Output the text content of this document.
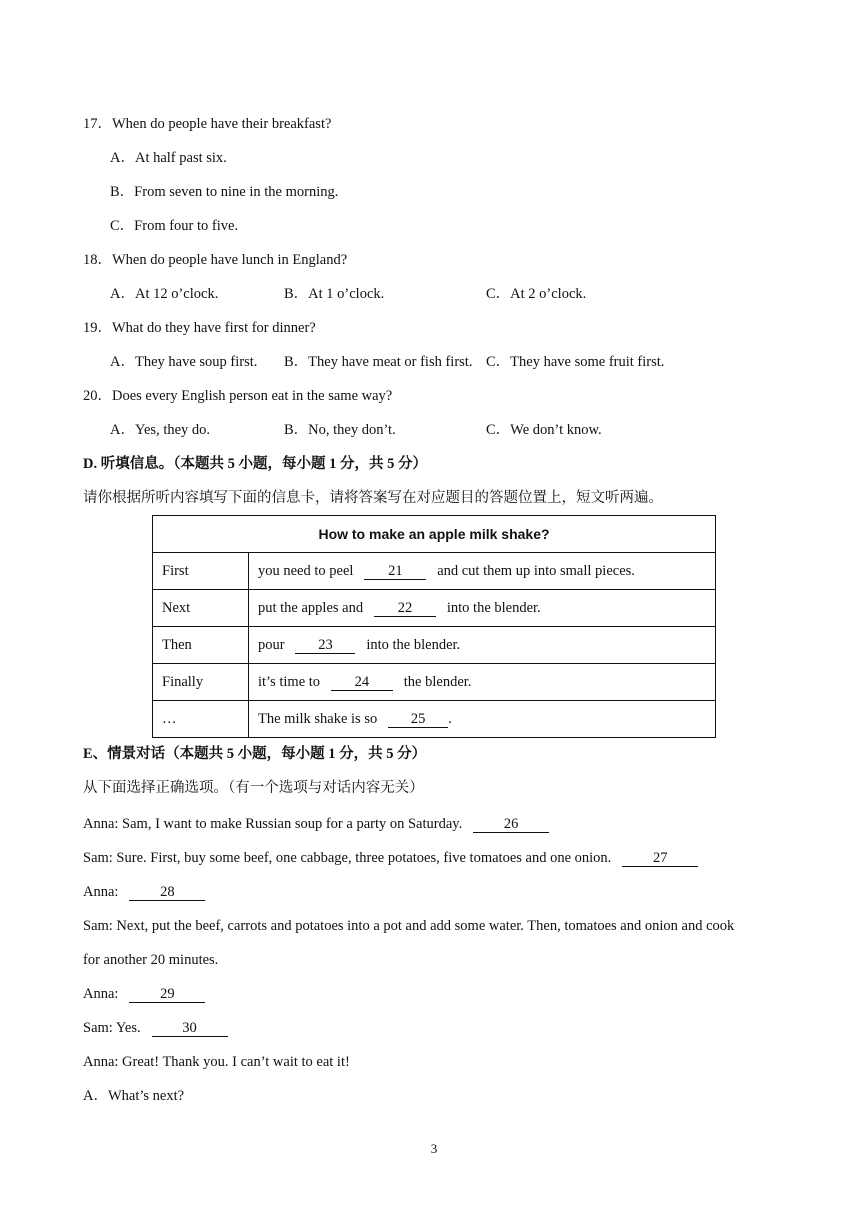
17．When do people have their breakfast?
A．At half past six.
B．From seven to nine in the morning.
C．From four to five.
18．When do people have lunch in England?
A．At 12 o’clock.	B．At 1 o’clock.	C．At 2 o’clock.
19．What do they have first for dinner?
A．They have soup first. B．They have meat or fish first. C．They have some fruit first.
20．Does every English person eat in the same way?
A．Yes, they do.	B．No, they don’t.	C．We don’t know.
D. 听填信息。（本题共 5 小题，每小题 1 分，共 5 分）
请你根据所听内容填写下面的信息卡，请将答案写在对应题目的答题位置上，短文听两遍。
How to make an apple milk shake?	
First	you need to peel 21 and cut them up into small pieces.
Next	put the apples and 22 into the blender.
Then	pour 23 into the blender.
Finally	it’s time to 24 the blender.
…	The milk shake is so 25 .
E、情景对话（本题共 5 小题，每小题 1 分，共 5 分）
从下面选择正确选项。（有一个选项与对话内容无关）
Anna: Sam, I want to make Russian soup for a party on Saturday.	26
Sam: Sure. First, buy some beef, one cabbage, three potatoes, five tomatoes and one onion.	27
Anna:	28
Sam: Next, put the beef, carrots and potatoes into a pot and add some water. Then, tomatoes and onion and cook
for another 20 minutes.
Anna:	29
Sam: Yes.	30
Anna: Great! Thank you. I can’t wait to eat it!
A．What’s next?
3
